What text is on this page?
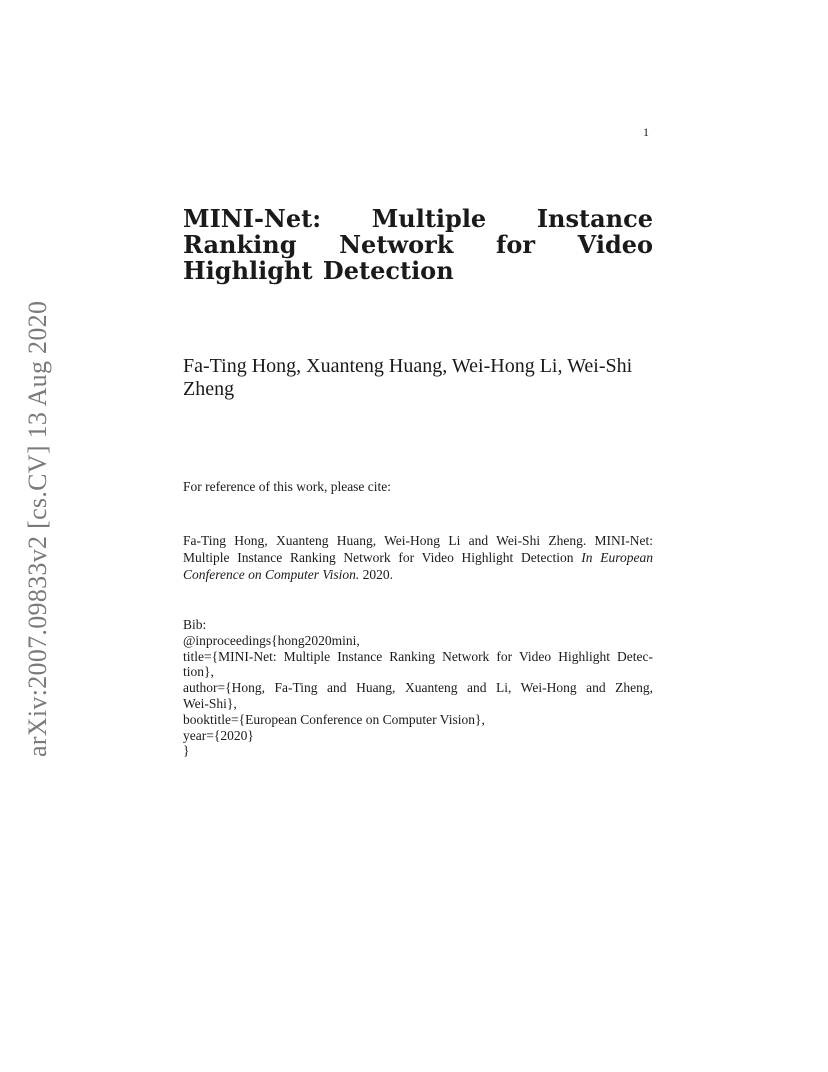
1
arXiv:2007.09833v2 [cs.CV] 13 Aug 2020
MINI-Net: Multiple Instance Ranking Network for Video Highlight Detection

Fa-Ting Hong, Xuanteng Huang, Wei-Hong Li, Wei-Shi Zheng

For reference of this work, please cite:

Fa-Ting Hong, Xuanteng Huang, Wei-Hong Li and Wei-Shi Zheng. MINI-Net: Multiple Instance Ranking Network for Video Highlight Detection In European Conference on Computer Vision. 2020.

Bib:
@inproceedings{hong2020mini,
title={MINI-Net: Multiple Instance Ranking Network for Video Highlight Detec-
tion},
author={Hong, Fa-Ting and Huang, Xuanteng and Li, Wei-Hong and Zheng,
Wei-Shi},
booktitle={European Conference on Computer Vision},
year={2020}
}
